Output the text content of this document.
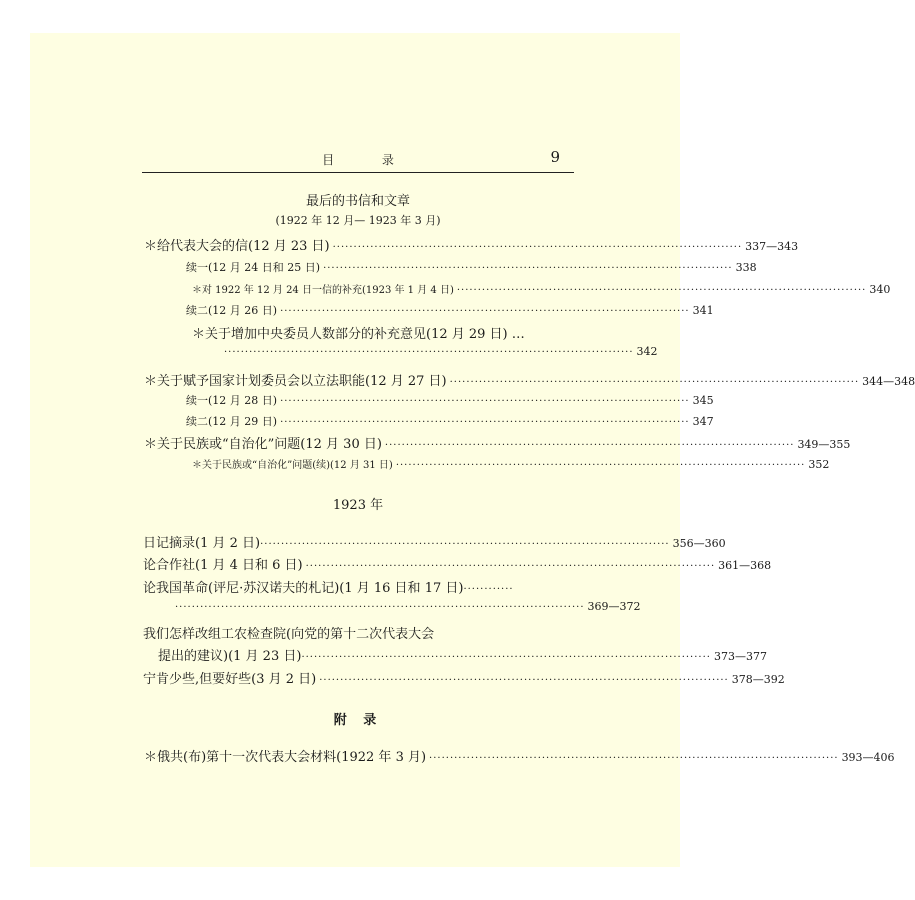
目 录	9
最后的书信和文章
(1922 年 12 月— 1923 年 3 月)
＊给代表大会的信(12 月 23 日) ·································································································· 337—343
续一(12 月 24 日和 25 日) ·································································································· 338
＊对 1922 年 12 月 24 日一信的补充(1923 年 1 月 4 日) ·································································································· 340
续二(12 月 26 日) ·································································································· 341
＊关于增加中央委员人数部分的补充意见(12 月 29 日) …
·································································································· 342
＊关于赋予国家计划委员会以立法职能(12 月 27 日) ·································································································· 344—348
续一(12 月 28 日) ·································································································· 345
续二(12 月 29 日) ·································································································· 347
＊关于民族或“自治化”问题(12 月 30 日) ·································································································· 349—355
＊关于民族或“自治化”问题(续)(12 月 31 日) ·································································································· 352
1923 年
日记摘录(1 月 2 日) ·································································································· 356—360
论合作社(1 月 4 日和 6 日) ·································································································· 361—368
论我国革命(评尼·苏汉诺夫的札记)(1 月 16 日和 17 日)············
·································································································· 369—372
我们怎样改组工农检查院(向党的第十二次代表大会
提出的建议)(1 月 23 日) ·································································································· 373—377
宁肯少些,但要好些(3 月 2 日) ·································································································· 378—392
附 录
＊俄共(布)第十一次代表大会材料(1922 年 3 月) ·································································································· 393—406
